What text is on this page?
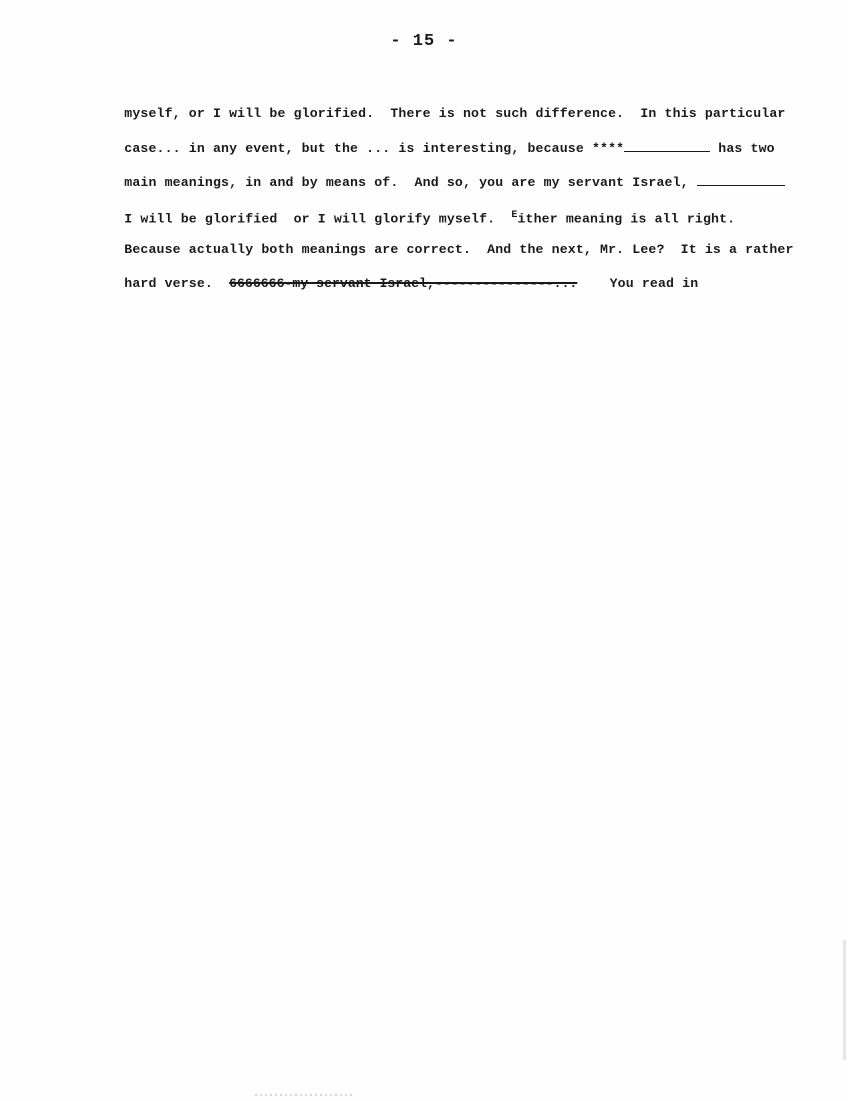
- 15 -

myself, or I will be glorified.  There is not such difference.  In this particular

case... in any event, but the ... is interesting, because ****	has two

main meanings, in and by means of.  And so, you are my servant Israel,

I will be glorified  or I will glorify myself.  $^E$ither meaning is all right.

Because actually both meanings are correct.  And the next, Mr. Lee?  It is a rather

hard verse.  6666666-my servant Israel,---------------...    You read in
